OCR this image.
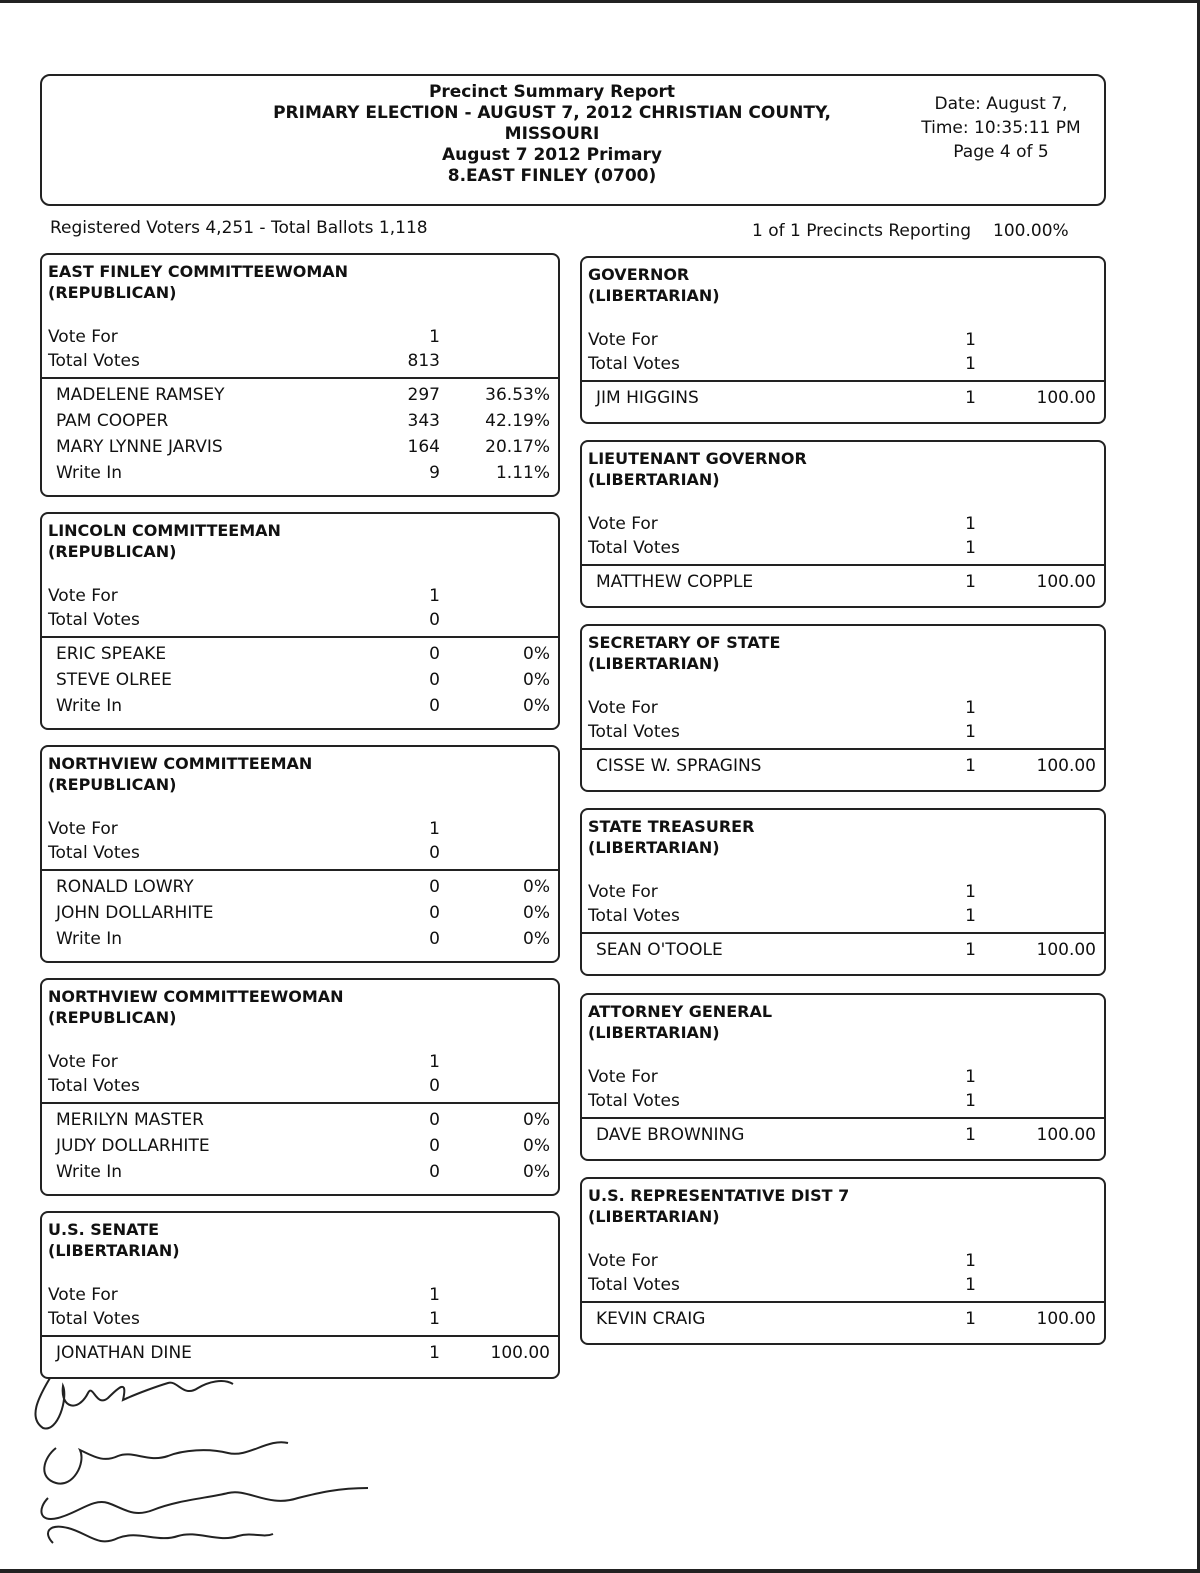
Precinct Summary Report
PRIMARY ELECTION - AUGUST 7, 2012 CHRISTIAN COUNTY,
MISSOURI
August 7 2012 Primary
8.EAST FINLEY (0700)
Date: August 7,
Time: 10:35:11 PM
Page 4 of 5
Registered Voters 4,251 - Total Ballots 1,118	1 of 1 Precincts Reporting 100.00%
EAST FINLEY COMMITTEEWOMAN
(REPUBLICAN)
Vote For	1
Total Votes	813
MADELENE RAMSEY	297	36.53%
PAM COOPER	343	42.19%
MARY LYNNE JARVIS	164	20.17%
Write In	9	1.11%
LINCOLN COMMITTEEMAN
(REPUBLICAN)
Vote For	1
Total Votes	0
ERIC SPEAKE	0	0%
STEVE OLREE	0	0%
Write In	0	0%
NORTHVIEW COMMITTEEMAN
(REPUBLICAN)
Vote For	1
Total Votes	0
RONALD LOWRY	0	0%
JOHN DOLLARHITE	0	0%
Write In	0	0%
NORTHVIEW COMMITTEEWOMAN
(REPUBLICAN)
Vote For	1
Total Votes	0
MERILYN MASTER	0	0%
JUDY DOLLARHITE	0	0%
Write In	0	0%
U.S. SENATE
(LIBERTARIAN)
Vote For	1
Total Votes	1
JONATHAN DINE	1	100.00
GOVERNOR
(LIBERTARIAN)
Vote For	1
Total Votes	1
JIM HIGGINS	1	100.00
LIEUTENANT GOVERNOR
(LIBERTARIAN)
Vote For	1
Total Votes	1
MATTHEW COPPLE	1	100.00
SECRETARY OF STATE
(LIBERTARIAN)
Vote For	1
Total Votes	1
CISSE W. SPRAGINS	1	100.00
STATE TREASURER
(LIBERTARIAN)
Vote For	1
Total Votes	1
SEAN O'TOOLE	1	100.00
ATTORNEY GENERAL
(LIBERTARIAN)
Vote For	1
Total Votes	1
DAVE BROWNING	1	100.00
U.S. REPRESENTATIVE DIST 7
(LIBERTARIAN)
Vote For	1
Total Votes	1
KEVIN CRAIG	1	100.00
